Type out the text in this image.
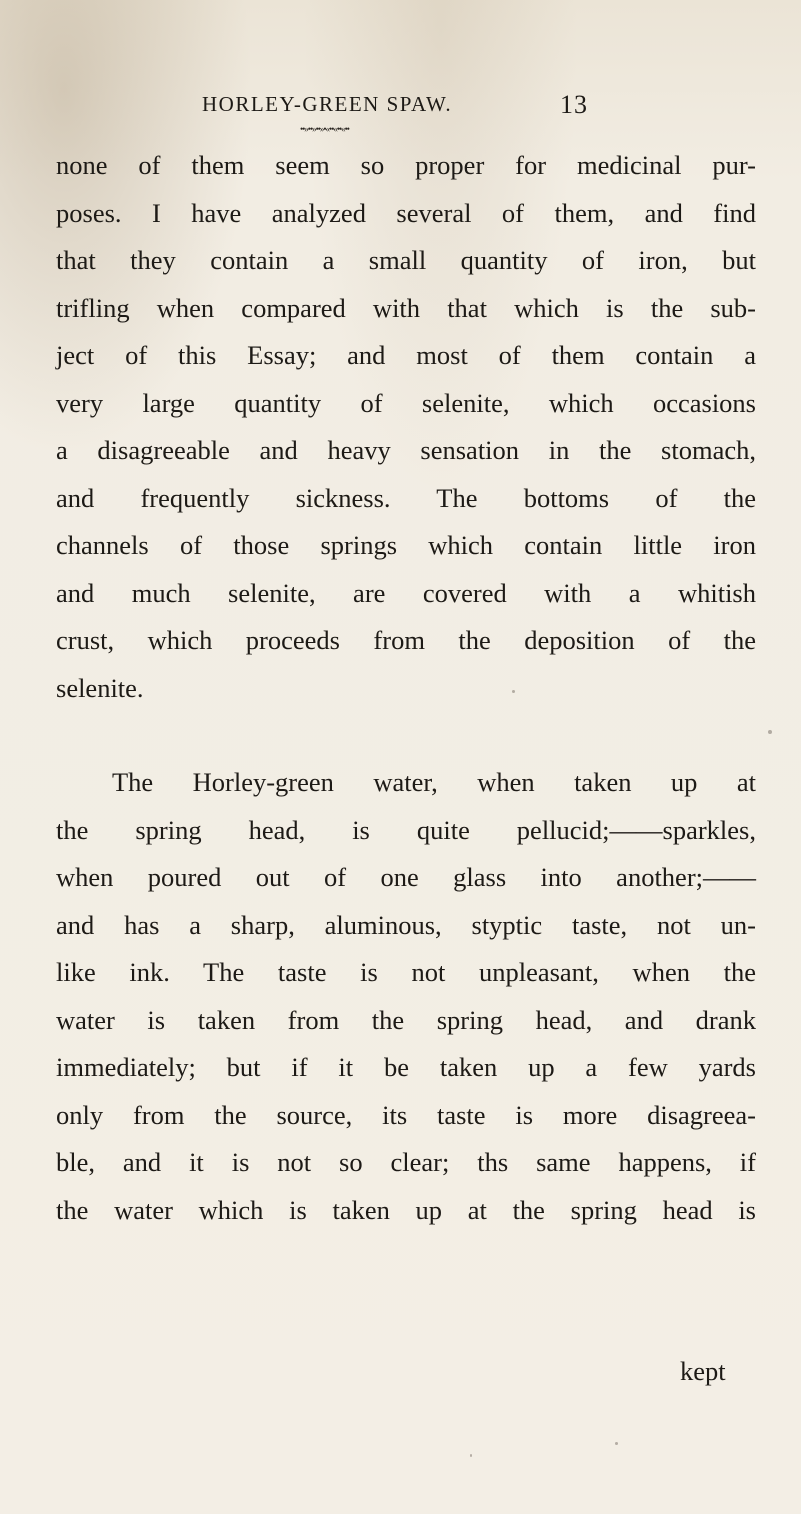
HORLEY-GREEN SPAW.	13
••»••»••»•«••«••«••
none of them seem so proper for medicinal pur-
poses. I have analyzed several of them, and find
that they contain a small quantity of iron, but
trifling when compared with that which is the sub-
ject of this Essay; and most of them contain a
very large quantity of selenite, which occasions
a disagreeable and heavy sensation in the stomach,
and frequently sickness. The bottoms of the
channels of those springs which contain little iron
and much selenite, are covered with a whitish
crust, which proceeds from the deposition of the
selenite.
The Horley-green water, when taken up at
the spring head, is quite pellucid;——sparkles,
when poured out of one glass into another;——
and has a sharp, aluminous, styptic taste, not un-
like ink. The taste is not unpleasant, when the
water is taken from the spring head, and drank
immediately; but if it be taken up a few yards
only from the source, its taste is more disagreea-
ble, and it is not so clear; ths same happens, if
the water which is taken up at the spring head is
kept
